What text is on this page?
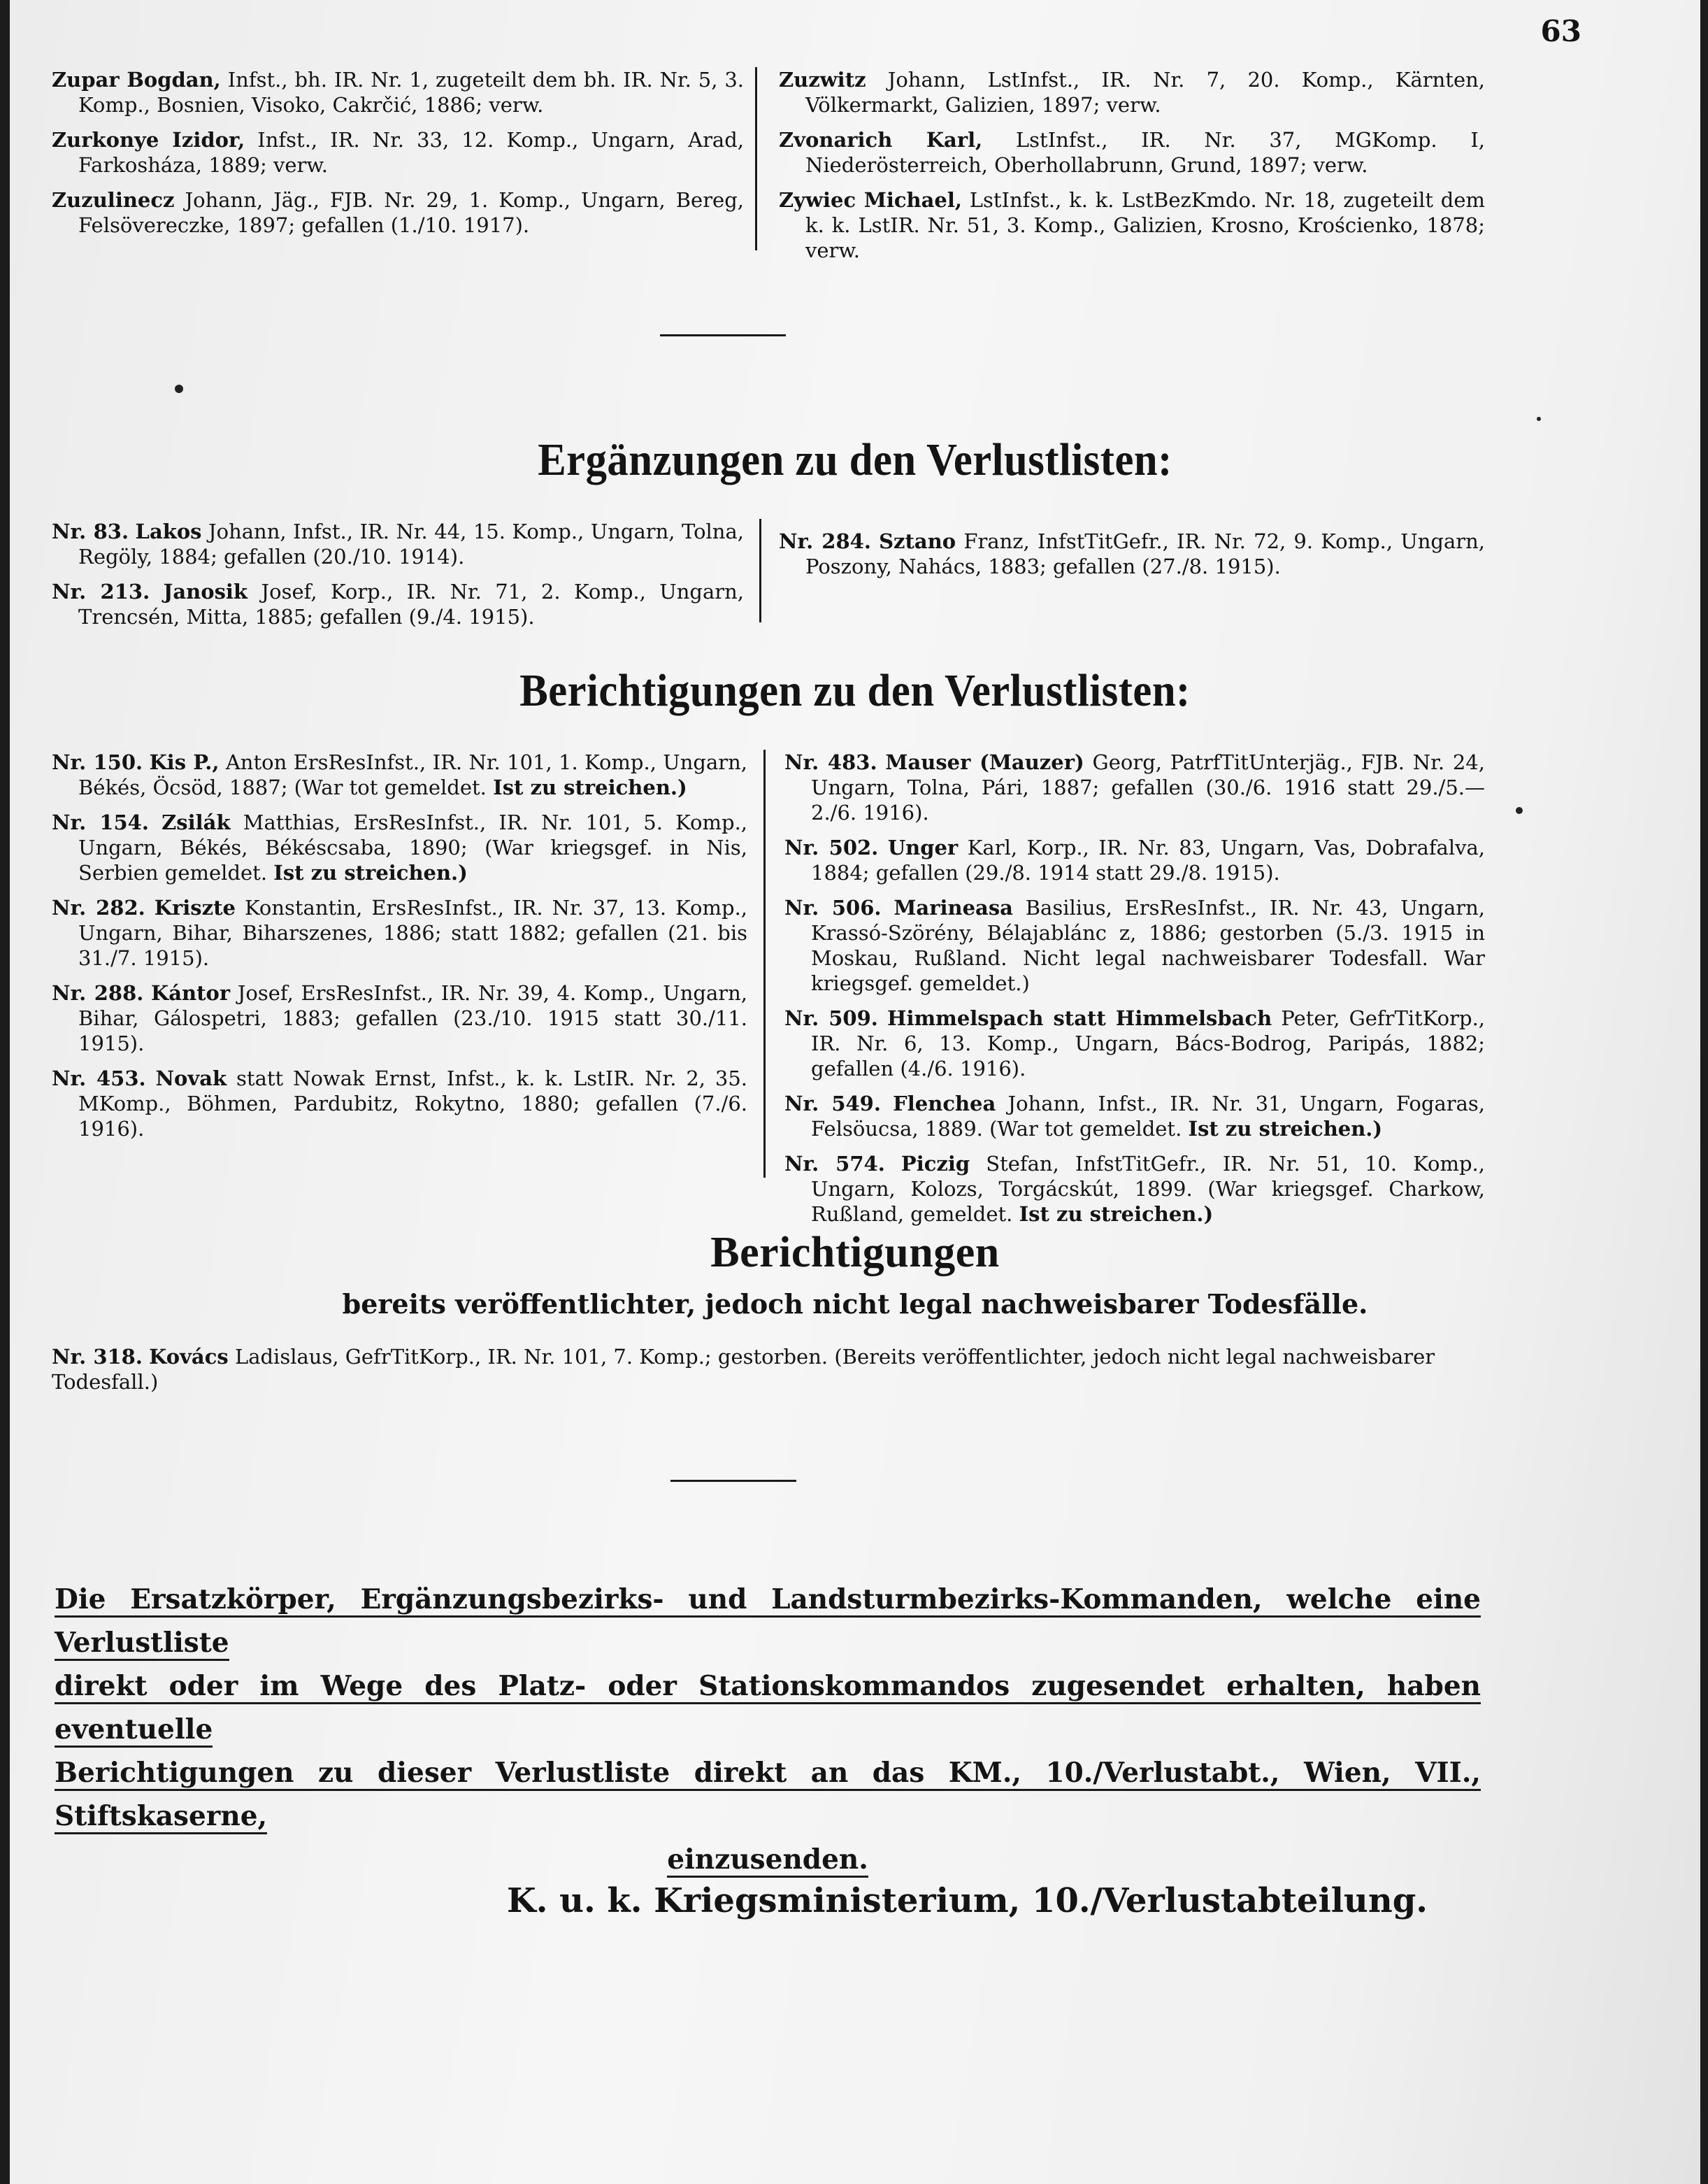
63
Zupar Bogdan, Infst., bh. IR. Nr. 1, zugeteilt dem bh. IR. Nr. 5, 3. Komp., Bosnien, Visoko, Cakrčić, 1886; verw.
Zurkonye Izidor, Infst., IR. Nr. 33, 12. Komp., Ungarn, Arad, Farkosháza, 1889; verw.
Zuzulinecz Johann, Jäg., FJB. Nr. 29, 1. Komp., Ungarn, Bereg, Felsövereczke, 1897; gefallen (1./10. 1917).
Zuzwitz Johann, LstInfst., IR. Nr. 7, 20. Komp., Kärnten, Völkermarkt, Galizien, 1897; verw.
Zvonarich Karl, LstInfst., IR. Nr. 37, MGKomp. I, Niederösterreich, Oberhollabrunn, Grund, 1897; verw.
Zywiec Michael, LstInfst., k. k. LstBezKmdo. Nr. 18, zugeteilt dem k. k. LstIR. Nr. 51, 3. Komp., Galizien, Krosno, Krościenko, 1878; verw.
Ergänzungen zu den Verlustlisten:
Nr. 83. Lakos Johann, Infst., IR. Nr. 44, 15. Komp., Ungarn, Tolna, Regöly, 1884; gefallen (20./10. 1914).
Nr. 213. Janosik Josef, Korp., IR. Nr. 71, 2. Komp., Ungarn, Trencsén, Mitta, 1885; gefallen (9./4. 1915).
Nr. 284. Sztano Franz, InfstTitGefr., IR. Nr. 72, 9. Komp., Ungarn, Poszony, Nahács, 1883; gefallen (27./8. 1915).
Berichtigungen zu den Verlustlisten:
Nr. 150. Kis P., Anton ErsResInfst., IR. Nr. 101, 1. Komp., Ungarn, Békés, Öcsöd, 1887; (War tot gemeldet. Ist zu streichen.)
Nr. 154. Zsilák Matthias, ErsResInfst., IR. Nr. 101, 5. Komp., Ungarn, Békés, Békéscsaba, 1890; (War kriegsgef. in Nis, Serbien gemeldet. Ist zu streichen.)
Nr. 282. Kriszte Konstantin, ErsResInfst., IR. Nr. 37, 13. Komp., Ungarn, Bihar, Biharszenes, 1886; statt 1882; gefallen (21. bis 31./7. 1915).
Nr. 288. Kántor Josef, ErsResInfst., IR. Nr. 39, 4. Komp., Ungarn, Bihar, Gálospetri, 1883; gefallen (23./10. 1915 statt 30./11. 1915).
Nr. 453. Novak statt Nowak Ernst, Infst., k. k. LstIR. Nr. 2, 35. MKomp., Böhmen, Pardubitz, Rokytno, 1880; gefallen (7./6. 1916).
Nr. 483. Mauser (Mauzer) Georg, PatrfTitUnterjäg., FJB. Nr. 24, Ungarn, Tolna, Pári, 1887; gefallen (30./6. 1916 statt 29./5.—2./6. 1916).
Nr. 502. Unger Karl, Korp., IR. Nr. 83, Ungarn, Vas, Dobrafalva, 1884; gefallen (29./8. 1914 statt 29./8. 1915).
Nr. 506. Marineasa Basilius, ErsResInfst., IR. Nr. 43, Ungarn, Krassó-Szörény, Bélajablánc z, 1886; gestorben (5./3. 1915 in Moskau, Rußland. Nicht legal nachweisbarer Todesfall. War kriegsgef. gemeldet.)
Nr. 509. Himmelspach statt Himmelsbach Peter, GefrTitKorp., IR. Nr. 6, 13. Komp., Ungarn, Bács-Bodrog, Paripás, 1882; gefallen (4./6. 1916).
Nr. 549. Flenchea Johann, Infst., IR. Nr. 31, Ungarn, Fogaras, Felsöucsa, 1889. (War tot gemeldet. Ist zu streichen.)
Nr. 574. Piczig Stefan, InfstTitGefr., IR. Nr. 51, 10. Komp., Ungarn, Kolozs, Torgácskút, 1899. (War kriegsgef. Charkow, Rußland, gemeldet. Ist zu streichen.)
Berichtigungen
bereits veröffentlichter, jedoch nicht legal nachweisbarer Todesfälle.
Nr. 318. Kovács Ladislaus, GefrTitKorp., IR. Nr. 101, 7. Komp.; gestorben. (Bereits veröffentlichter, jedoch nicht legal nachweisbarer Todesfall.)
Die Ersatzkörper, Ergänzungsbezirks- und Landsturmbezirks-Kommanden, welche eine Verlustliste
direkt oder im Wege des Platz- oder Stationskommandos zugesendet erhalten, haben eventuelle
Berichtigungen zu dieser Verlustliste direkt an das KM., 10./Verlustabt., Wien, VII., Stiftskaserne,
einzusenden.
K. u. k. Kriegsministerium, 10./Verlustabteilung.
